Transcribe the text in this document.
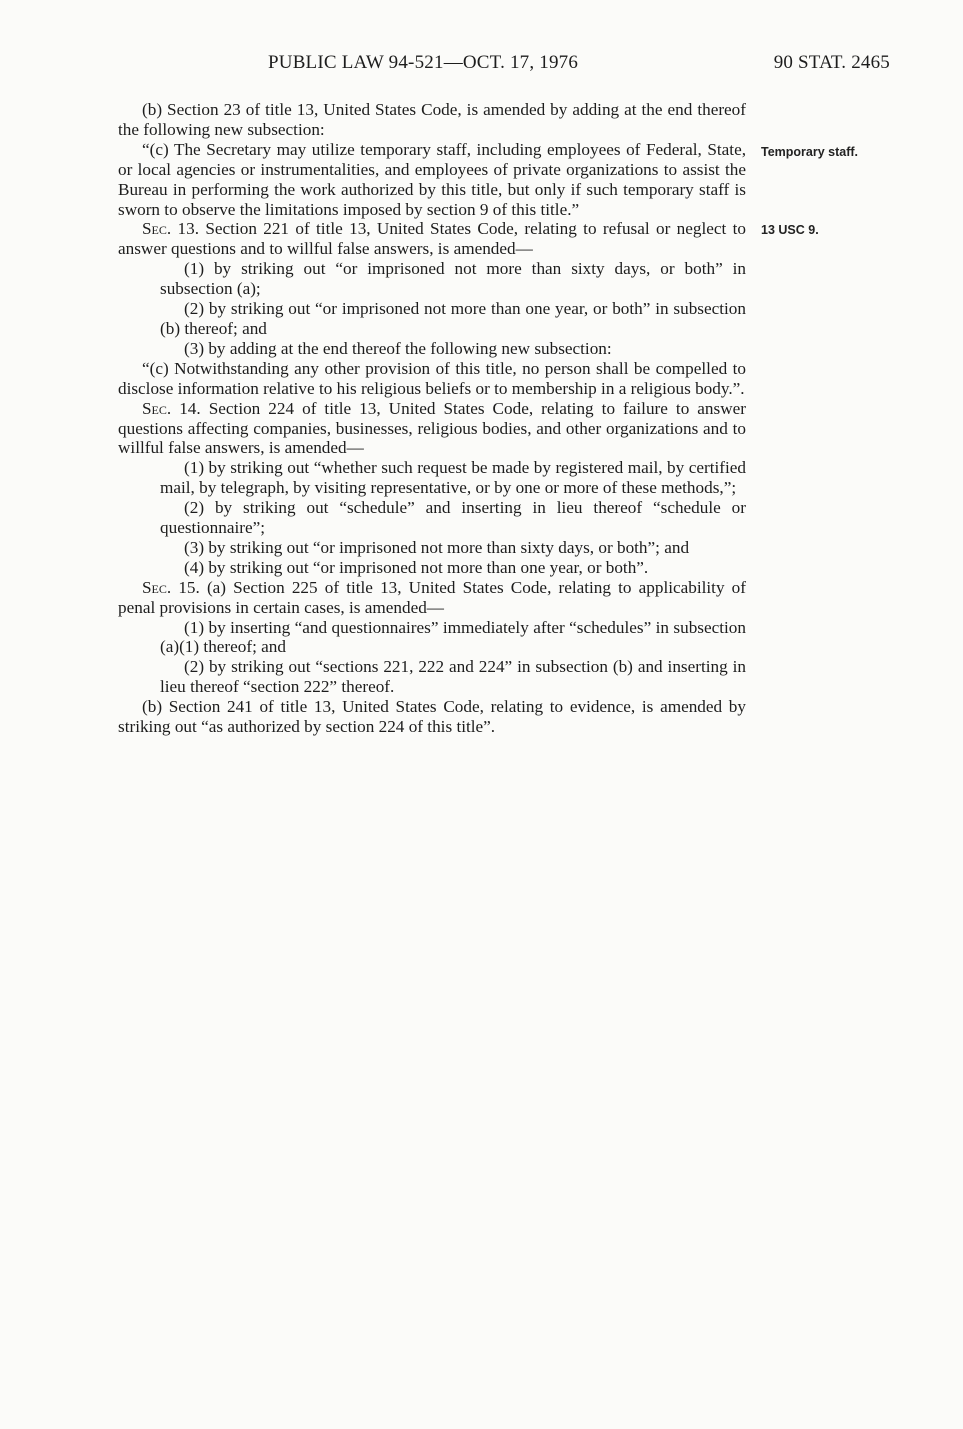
PUBLIC LAW 94-521—OCT. 17, 1976	90 STAT. 2465
Temporary staff.
13 USC 9.

(b) Section 23 of title 13, United States Code, is amended by adding at the end thereof the following new subsection:

“(c) The Secretary may utilize temporary staff, including employees of Federal, State, or local agencies or instrumentalities, and employees of private organizations to assist the Bureau in performing the work authorized by this title, but only if such temporary staff is sworn to observe the limitations imposed by section 9 of this title.”

Sec. 13. Section 221 of title 13, United States Code, relating to refusal or neglect to answer questions and to willful false answers, is amended—

(1) by striking out “or imprisoned not more than sixty days, or both” in subsection (a);

(2) by striking out “or imprisoned not more than one year, or both” in subsection (b) thereof; and

(3) by adding at the end thereof the following new subsection:

“(c) Notwithstanding any other provision of this title, no person shall be compelled to disclose information relative to his religious beliefs or to membership in a religious body.”.

Sec. 14. Section 224 of title 13, United States Code, relating to failure to answer questions affecting companies, businesses, religious bodies, and other organizations and to willful false answers, is amended—

(1) by striking out “whether such request be made by registered mail, by certified mail, by telegraph, by visiting representative, or by one or more of these methods,”;

(2) by striking out “schedule” and inserting in lieu thereof “schedule or questionnaire”;

(3) by striking out “or imprisoned not more than sixty days, or both”; and

(4) by striking out “or imprisoned not more than one year, or both”.

Sec. 15. (a) Section 225 of title 13, United States Code, relating to applicability of penal provisions in certain cases, is amended—

(1) by inserting “and questionnaires” immediately after “schedules” in subsection (a)(1) thereof; and

(2) by striking out “sections 221, 222 and 224” in subsection (b) and inserting in lieu thereof “section 222” thereof.

(b) Section 241 of title 13, United States Code, relating to evidence, is amended by striking out “as authorized by section 224 of this title”.
